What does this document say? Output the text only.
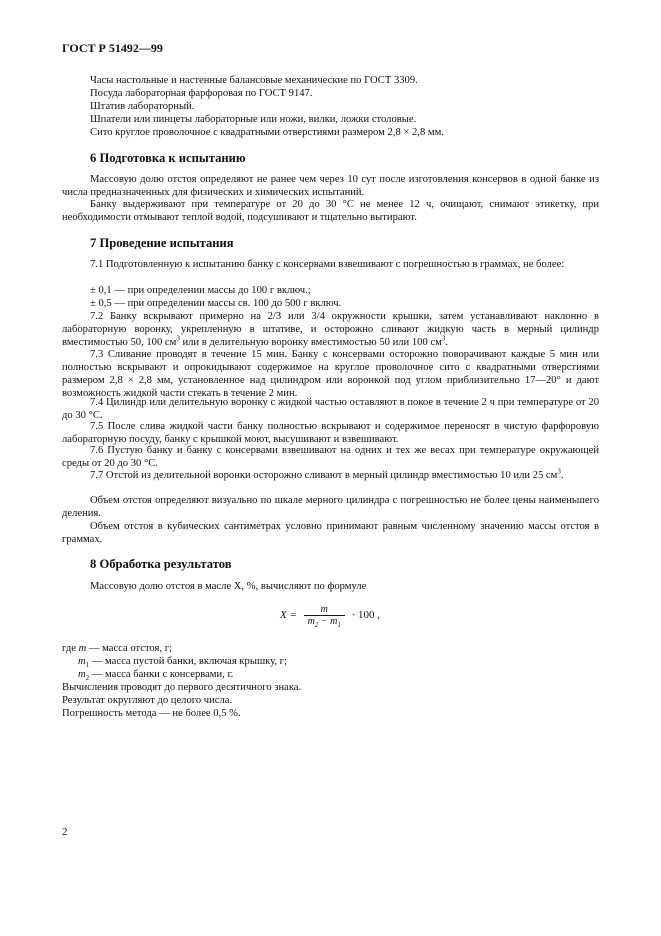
ГОСТ Р 51492—99
Часы настольные и настенные балансовые механические по ГОСТ 3309.
Посуда лабораторная фарфоровая по ГОСТ 9147.
Штатив лабораторный.
Шпатели или пинцеты лабораторные или ножи, вилки, ложки столовые.
Сито круглое проволочное с квадратными отверстиями размером 2,8 × 2,8 мм.
6 Подготовка к испытанию
Массовую долю отстоя определяют не ранее чем через 10 сут после изготовления консервов в одной банке из числа предназначенных для физических и химических испытаний.
Банку выдерживают при температуре от 20 до 30 °С не менее 12 ч, очищают, снимают этикетку, при необходимости отмывают теплой водой, подсушивают и тщательно вытирают.
7 Проведение испытания
7.1 Подготовленную к испытанию банку с консервами взвешивают с погрешностью в граммах, не более:
± 0,1 — при определении массы до 100 г включ.;
± 0,5 — при определении массы св. 100 до 500 г включ.
7.2 Банку вскрывают примерно на 2/3 или 3/4 окружности крышки, затем устанавливают наклонно в лабораторную воронку, укрепленную в штативе, и осторожно сливают жидкую часть в мерный цилиндр вместимостью 50, 100 $см^3$ или в делительную воронку вместимостью 50 или 100 $см^3$.
7.3 Сливание проводят в течение 15 мин. Банку с консервами осторожно поворачивают каждые 5 мин или полностью вскрывают и опрокидывают содержимое на круглое проволочное сито с квадратными отверстиями размером 2,8 × 2,8 мм, установленное над цилиндром или воронкой под углом приблизительно 17—20° и дают возможность жидкой части стекать в течение 2 мин.
7.4 Цилиндр или делительную воронку с жидкой частью оставляют в покое в течение 2 ч при температуре от 20 до 30 °С.
7.5 После слива жидкой части банку полностью вскрывают и содержимое переносят в чистую фарфоровую лабораторную посуду, банку с крышкой моют, высушивают и взвешивают.
7.6 Пустую банку и банку с консервами взвешивают на одних и тех же весах при температуре окружающей среды от 20 до 30 °С.
7.7 Отстой из делительной воронки осторожно сливают в мерный цилиндр вместимостью 10 или 25 $см^3$.
Объем отстоя определяют визуально по шкале мерного цилиндра с погрешностью не более цены наименьшего деления.
Объем отстоя в кубических сантиметрах условно принимают равным численному значению массы отстоя в граммах.
8 Обработка результатов
Массовую долю отстоя в масле X, %, вычисляют по формуле
$X = \frac{m}{m_2 - m_1} \cdot 100$ ,
где m — масса отстоя, г;
$m_1$ — масса пустой банки, включая крышку, г;
$m_2$ — масса банки с консервами, г.
Вычисления проводят до первого десятичного знака.
Результат округляют до целого числа.
Погрешность метода — не более 0,5 %.
2
